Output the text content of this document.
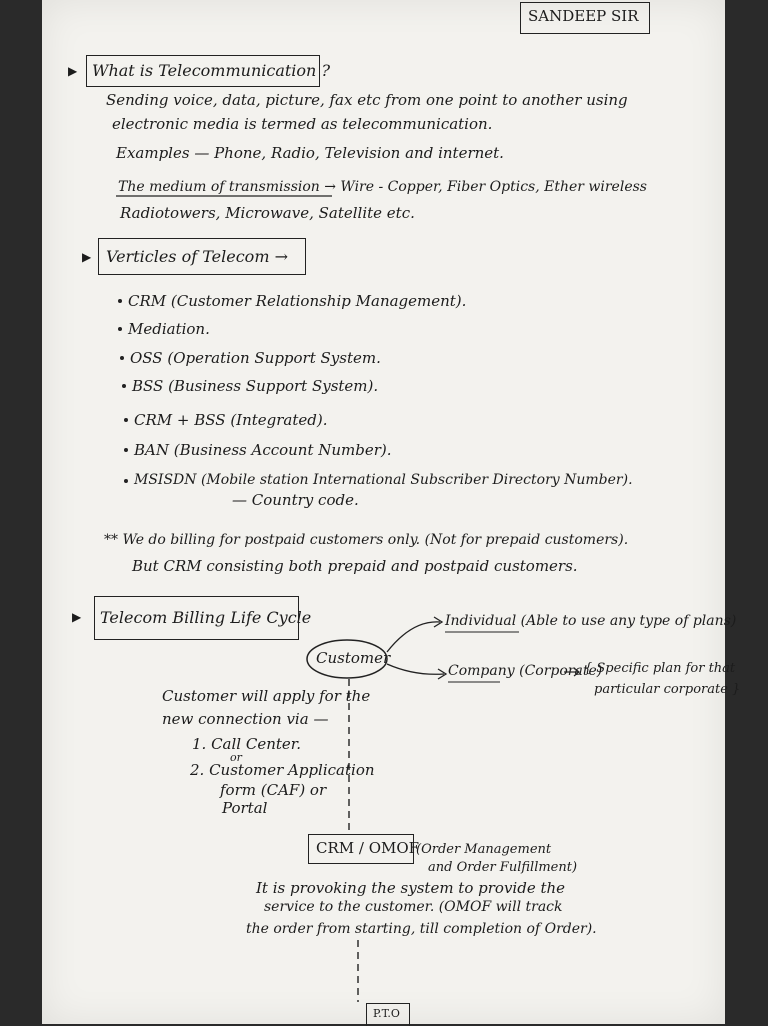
SANDEEP SIR
▶ What is Telecommunication ?
Sending voice, data, picture, fax etc from one point to another using
electronic media is termed as telecommunication.
Examples — Phone, Radio, Television and internet.
The medium of transmission → Wire - Copper, Fiber Optics, Ether wireless
Radiotowers, Microwave, Satellite etc.
▶ Verticles of Telecom →
CRM (Customer Relationship Management).
Mediation.
OSS (Operation Support System.
BSS (Business Support System).
CRM + BSS (Integrated).
BAN (Business Account Number).
MSISDN (Mobile station International Subscriber Directory Number).
— Country code.
** We do billing for postpaid customers only. (Not for prepaid customers).
But CRM consisting both prepaid and postpaid customers.
▶ Telecom Billing Life Cycle
Customer
Individual (Able to use any type of plans)
Company (Corporate)
{ Specific plan for that
particular corporate }
Customer will apply for the
new connection via —
1. Call Center.
or
2. Customer Application
form (CAF) or
Portal
CRM / OMOF
(Order Management
and Order Fulfillment)
It is provoking the system to provide the
service to the customer. (OMOF will track
the order from starting, till completion of Order).
P.T.O
